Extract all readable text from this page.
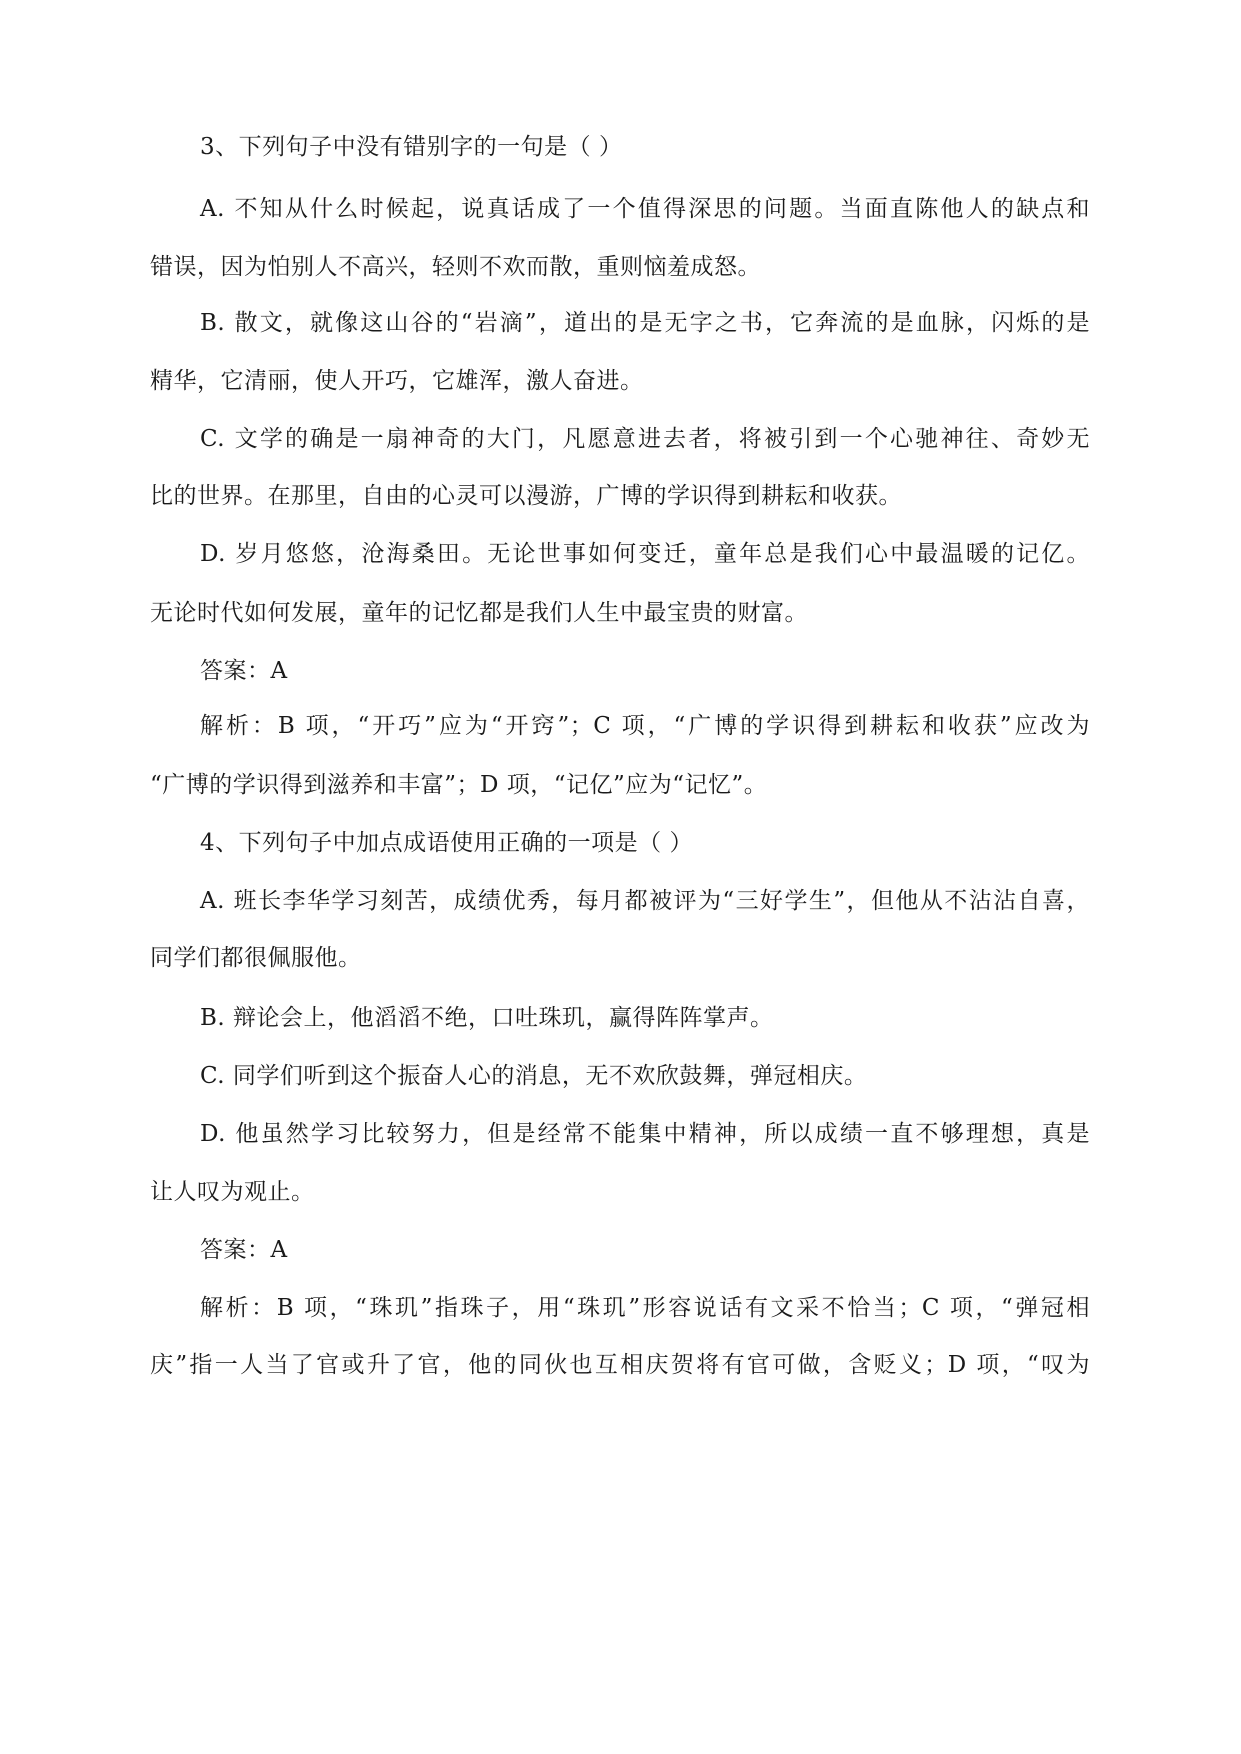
3、下列句子中没有错别字的一句是（ ）
A. 不知从什么时候起，说真话成了一个值得深思的问题。当面直陈他人的缺点和
错误，因为怕别人不高兴，轻则不欢而散，重则恼羞成怒。
B. 散文，就像这山谷的“岩滴”，道出的是无字之书，它奔流的是血脉，闪烁的是
精华，它清丽，使人开巧，它雄浑，激人奋进。
C. 文学的确是一扇神奇的大门，凡愿意进去者，将被引到一个心驰神往、奇妙无
比的世界。在那里，自由的心灵可以漫游，广博的学识得到耕耘和收获。
D. 岁月悠悠，沧海桑田。无论世事如何变迁，童年总是我们心中最温暖的记亿。
无论时代如何发展，童年的记忆都是我们人生中最宝贵的财富。
答案：A
解析：B 项，“开巧”应为“开窍”；C 项，“广博的学识得到耕耘和收获”应改为
“广博的学识得到滋养和丰富”；D 项，“记亿”应为“记忆”。
4、下列句子中加点成语使用正确的一项是（ ）
A. 班长李华学习刻苦，成绩优秀，每月都被评为“三好学生”，但他从不沾沾自喜，
同学们都很佩服他。
B. 辩论会上，他滔滔不绝，口吐珠玑，赢得阵阵掌声。
C. 同学们听到这个振奋人心的消息，无不欢欣鼓舞，弹冠相庆。
D. 他虽然学习比较努力，但是经常不能集中精神，所以成绩一直不够理想，真是
让人叹为观止。
答案：A
解析：B 项，“珠玑”指珠子，用“珠玑”形容说话有文采不恰当；C 项，“弹冠相
庆”指一人当了官或升了官，他的同伙也互相庆贺将有官可做，含贬义；D 项，“叹为
